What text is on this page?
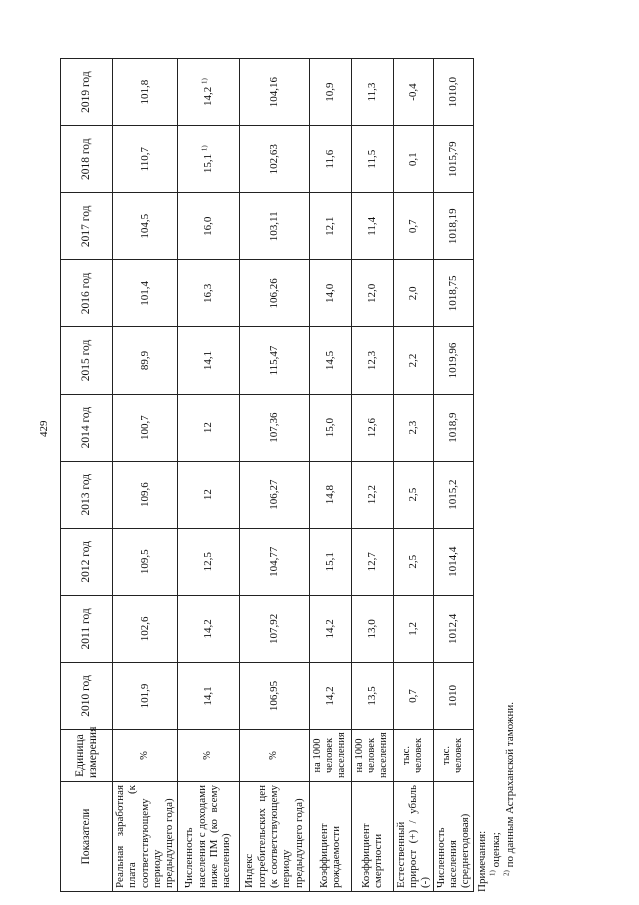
429
Показатели	Единица измерения	2010 год	2011 год	2012 год	2013 год	2014 год	2015 год	2016 год	2017 год	2018 год	2019 год
Реальная заработная плата (к соответствующему периоду предыдущего года)	%	101,9	102,6	109,5	109,6	100,7	89,9	101,4	104,5	110,7	101,8
Численность населения с доходами ниже ПМ (ко всему населению)	%	14,1	14,2	12,5	12	12	14,1	16,3	16,0	15,1 $^{1)}$	14,2 $^{1)}$
Индекс потребительских цен (к соответствующему периоду предыдущего года)	%	106,95	107,92	104,77	106,27	107,36	115,47	106,26	103,11	102,63	104,16
Коэффициент рождаемости	на 1000 человек населения	14,2	14,2	15,1	14,8	15,0	14,5	14,0	12,1	11,6	10,9
Коэффициент смертности	на 1000 человек населения	13,5	13,0	12,7	12,2	12,6	12,3	12,0	11,4	11,5	11,3
Естественный прирост (+) / убыль (-)	тыс. человек	0,7	1,2	2,5	2,5	2,3	2,2	2,0	0,7	0,1	-0,4
Численность населения (среднегодовая)	тыс. человек	1010	1012,4	1014,4	1015,2	1018,9	1019,96	1018,75	1018,19	1015,79	1010,0
Примечания: $^{1)}$ оценка;
$^{2)}$ по данным Астраханской таможни.
